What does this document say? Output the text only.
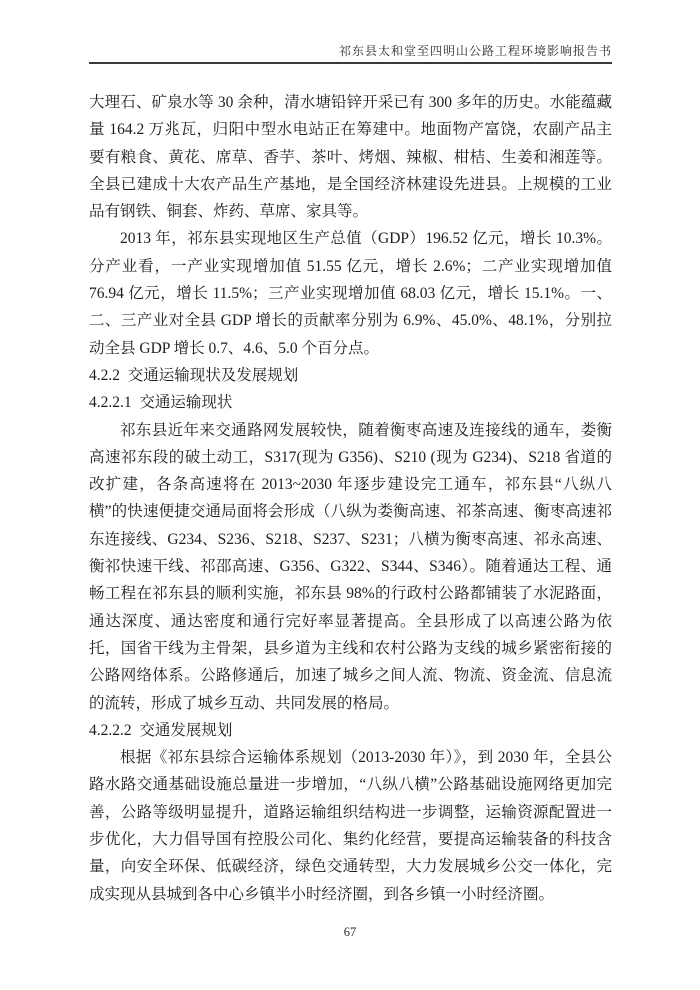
祁东县太和堂至四明山公路工程环境影响报告书

大理石、矿泉水等 30 余种，清水塘铅锌开采已有 300 多年的历史。水能蕴藏量 164.2 万兆瓦，归阳中型水电站正在筹建中。地面物产富饶，农副产品主要有粮食、黄花、席草、香芋、茶叶、烤烟、辣椒、柑桔、生姜和湘莲等。全县已建成十大农产品生产基地，是全国经济林建设先进县。上规模的工业品有钢铁、铜套、炸药、草席、家具等。

2013 年，祁东县实现地区生产总值（GDP）196.52 亿元，增长 10.3%。分产业看，一产业实现增加值 51.55 亿元，增长 2.6%；二产业实现增加值 76.94 亿元，增长 11.5%；三产业实现增加值 68.03 亿元，增长 15.1%。一、二、三产业对全县 GDP 增长的贡献率分别为 6.9%、45.0%、48.1%，分别拉动全县 GDP 增长 0.7、4.6、5.0 个百分点。

4.2.2  交通运输现状及发展规划
4.2.2.1  交通运输现状

祁东县近年来交通路网发展较快，随着衡枣高速及连接线的通车，娄衡高速祁东段的破土动工，S317(现为 G356)、S210 (现为 G234)、S218 省道的改扩建，各条高速将在 2013~2030 年逐步建设完工通车，祁东县“八纵八横”的快速便捷交通局面将会形成（八纵为娄衡高速、祁茶高速、衡枣高速祁东连接线、G234、S236、S218、S237、S231；八横为衡枣高速、祁永高速、衡祁快速干线、祁邵高速、G356、G322、S344、S346）。随着通达工程、通畅工程在祁东县的顺利实施，祁东县 98%的行政村公路都铺装了水泥路面，通达深度、通达密度和通行完好率显著提高。全县形成了以高速公路为依托，国省干线为主骨架，县乡道为主线和农村公路为支线的城乡紧密衔接的公路网络体系。公路修通后，加速了城乡之间人流、物流、资金流、信息流的流转，形成了城乡互动、共同发展的格局。

4.2.2.2  交通发展规划

根据《祁东县综合运输体系规划（2013-2030 年）》，到 2030 年，全县公路水路交通基础设施总量进一步增加，“八纵八横”公路基础设施网络更加完善，公路等级明显提升，道路运输组织结构进一步调整，运输资源配置进一步优化，大力倡导国有控股公司化、集约化经营，要提高运输装备的科技含量，向安全环保、低碳经济，绿色交通转型，大力发展城乡公交一体化，完成实现从县城到各中心乡镇半小时经济圈，到各乡镇一小时经济圈。

67
